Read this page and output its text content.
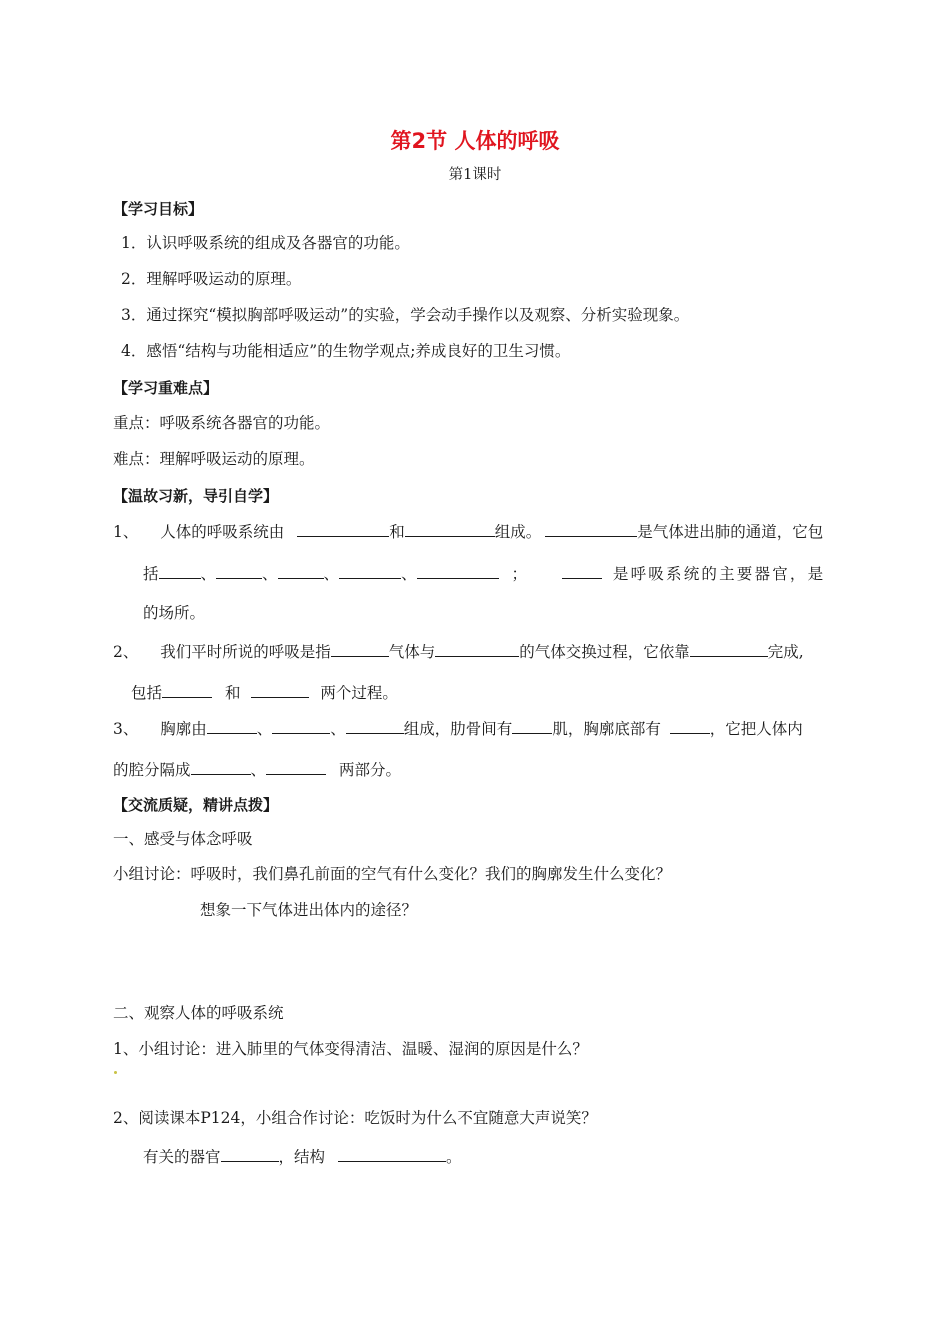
第2节 人体的呼吸
第1课时
【学习目标】
1．认识呼吸系统的组成及各器官的功能。
2．理解呼吸运动的原理。
3．通过探究“模拟胸部呼吸运动”的实验，学会动手操作以及观察、分析实验现象。
4．感悟“结构与功能相适应”的生物学观点;养成良好的卫生习惯。
【学习重难点】
重点：呼吸系统各器官的功能。
难点：理解呼吸运动的原理。
【温故习新，导引自学】
1、 人体的呼吸系统由	和	组成。	是气体进出肺的通道，它包
括	、	、	、	、	；	是呼吸系统的主要器官，是
的场所。
2、 我们平时所说的呼吸是指	气体与	的气体交换过程，它依靠	完成,
包括	和	两个过程。
3、 胸廓由	、	、	组成，肋骨间有	肌，胸廓底部有	，它把人体内
的腔分隔成	、	两部分。
【交流质疑，精讲点拨】
一、感受与体念呼吸
小组讨论：呼吸时，我们鼻孔前面的空气有什么变化？我们的胸廓发生什么变化？
想象一下气体进出体内的途径？
二、观察人体的呼吸系统
1、小组讨论：进入肺里的气体变得清洁、温暖、湿润的原因是什么？
2、阅读课本P124，小组合作讨论：吃饭时为什么不宜随意大声说笑？
有关的器官	，结构	。
